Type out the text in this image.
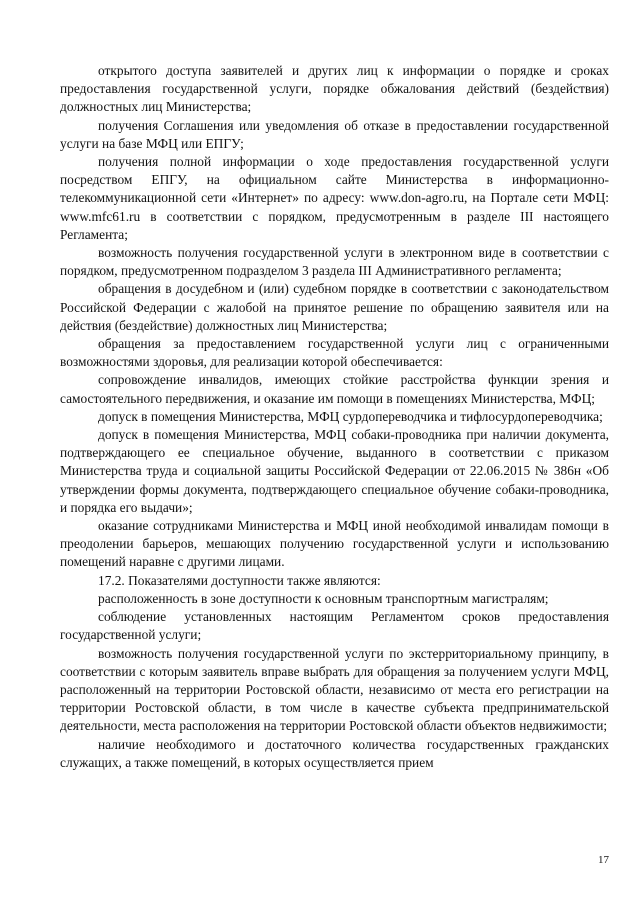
открытого доступа заявителей и других лиц к информации о порядке и сроках предоставления государственной услуги, порядке обжалования действий (бездействия) должностных лиц Министерства;

получения Соглашения или уведомления об отказе в предоставлении государственной услуги на базе МФЦ или ЕПГУ;

получения полной информации о ходе предоставления государственной услуги посредством ЕПГУ, на официальном сайте Министерства в информационно-телекоммуникационной сети «Интернет» по адресу: www.don-agro.ru, на Портале сети МФЦ: www.mfc61.ru в соответствии с порядком, предусмотренным в разделе III настоящего Регламента;

возможность получения государственной услуги в электронном виде в соответствии с порядком, предусмотренном подразделом 3 раздела III Административного регламента;

обращения в досудебном и (или) судебном порядке в соответствии с законодательством Российской Федерации с жалобой на принятое решение по обращению заявителя или на действия (бездействие) должностных лиц Министерства;

обращения за предоставлением государственной услуги лиц с ограниченными возможностями здоровья, для реализации которой обеспечивается:

сопровождение инвалидов, имеющих стойкие расстройства функции зрения и самостоятельного передвижения, и оказание им помощи в помещениях Министерства, МФЦ;

допуск в помещения Министерства, МФЦ сурдопереводчика и тифлосурдопереводчика;

допуск в помещения Министерства, МФЦ собаки-проводника при наличии документа, подтверждающего ее специальное обучение, выданного в соответствии с приказом Министерства труда и социальной защиты Российской Федерации от 22.06.2015 № 386н «Об утверждении формы документа, подтверждающего специальное обучение собаки-проводника, и порядка его выдачи»;

оказание сотрудниками Министерства и МФЦ иной необходимой инвалидам помощи в преодолении барьеров, мешающих получению государственной услуги и использованию помещений наравне с другими лицами.

17.2. Показателями доступности также являются:

расположенность в зоне доступности к основным транспортным магистралям;

соблюдение установленных настоящим Регламентом сроков предоставления государственной услуги;

возможность получения государственной услуги по экстерриториальному принципу, в соответствии с которым заявитель вправе выбрать для обращения за получением услуги МФЦ, расположенный на территории Ростовской области, независимо от места его регистрации на территории Ростовской области, в том числе в качестве субъекта предпринимательской деятельности, места расположения на территории Ростовской области объектов недвижимости;

наличие необходимого и достаточного количества государственных гражданских служащих, а также помещений, в которых осуществляется прием

17
